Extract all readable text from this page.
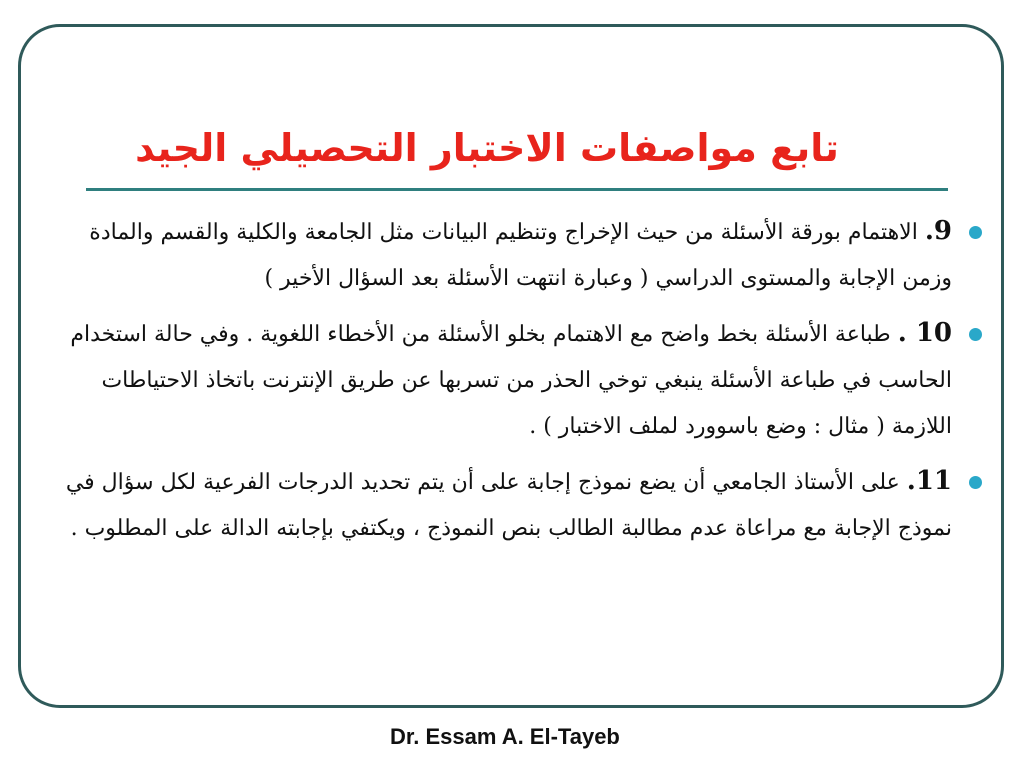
تابع مواصفات الاختبار التحصيلي الجيد
9. الاهتمام بورقة الأسئلة من حيث الإخراج وتنظيم البيانات مثل الجامعة والكلية والقسم والمادة وزمن الإجابة والمستوى الدراسي ( وعبارة انتهت الأسئلة بعد السؤال الأخير )
10 . طباعة الأسئلة بخط واضح مع الاهتمام بخلو الأسئلة من الأخطاء اللغوية . وفي حالة استخدام الحاسب في طباعة الأسئلة ينبغي توخي الحذر من تسربها عن طريق الإنترنت باتخاذ الاحتياطات اللازمة ( مثال : وضع باسوورد لملف الاختبار ) .
11. على الأستاذ الجامعي أن يضع نموذج إجابة على أن يتم تحديد الدرجات الفرعية لكل سؤال في نموذج الإجابة مع مراعاة عدم مطالبة الطالب بنص النموذج ، ويكتفي بإجابته الدالة على المطلوب .
Dr. Essam A. El-Tayeb
